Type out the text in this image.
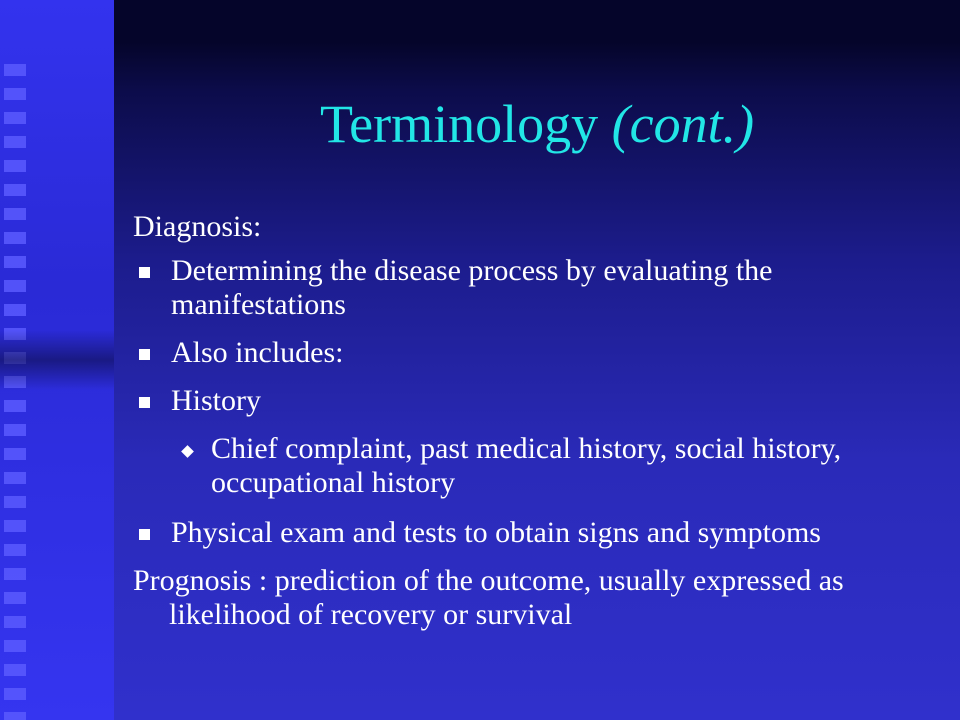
Terminology (cont.)

Diagnosis:

Determining the disease process by evaluating the manifestations
Also includes:
History
Chief complaint, past medical history, social history, occupational history
Physical exam and tests to obtain signs and symptoms

Prognosis : prediction of the outcome, usually expressed as likelihood of recovery or survival
